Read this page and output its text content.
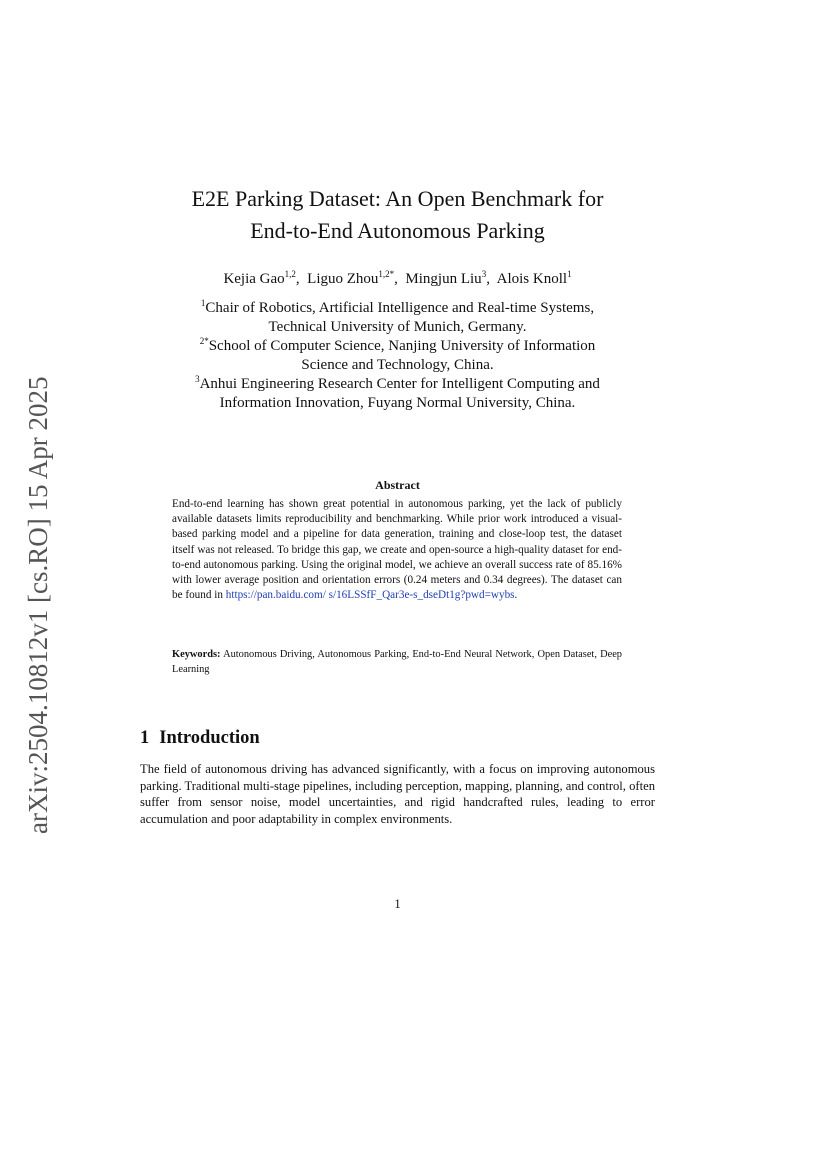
arXiv:2504.10812v1 [cs.RO] 15 Apr 2025
E2E Parking Dataset: An Open Benchmark for
End-to-End Autonomous Parking
Kejia Gao$^{1,2}$,  Liguo Zhou$^{1,2*}$,  Mingjun Liu$^3$,  Alois Knoll$^1$
$^1$Chair of Robotics, Artificial Intelligence and Real-time Systems,
Technical University of Munich, Germany.
$^{2*}$School of Computer Science, Nanjing University of Information
Science and Technology, China.
$^3$Anhui Engineering Research Center for Intelligent Computing and
Information Innovation, Fuyang Normal University, China.
Abstract
End-to-end learning has shown great potential in autonomous parking, yet the lack of publicly available datasets limits reproducibility and benchmarking. While prior work introduced a visual-based parking model and a pipeline for data generation, training and close-loop test, the dataset itself was not released. To bridge this gap, we create and open-source a high-quality dataset for end-to-end autonomous parking. Using the original model, we achieve an overall success rate of 85.16% with lower average position and orientation errors (0.24 meters and 0.34 degrees). The dataset can be found in https://pan.baidu.com/ s/16LSSfF_Qar3e-s_dseDt1g?pwd=wybs.
Keywords: Autonomous Driving, Autonomous Parking, End-to-End Neural Network, Open Dataset, Deep Learning
1 Introduction
The field of autonomous driving has advanced significantly, with a focus on improving autonomous parking. Traditional multi-stage pipelines, including perception, mapping, planning, and control, often suffer from sensor noise, model uncertainties, and rigid handcrafted rules, leading to error accumulation and poor adaptability in complex environments.
1
